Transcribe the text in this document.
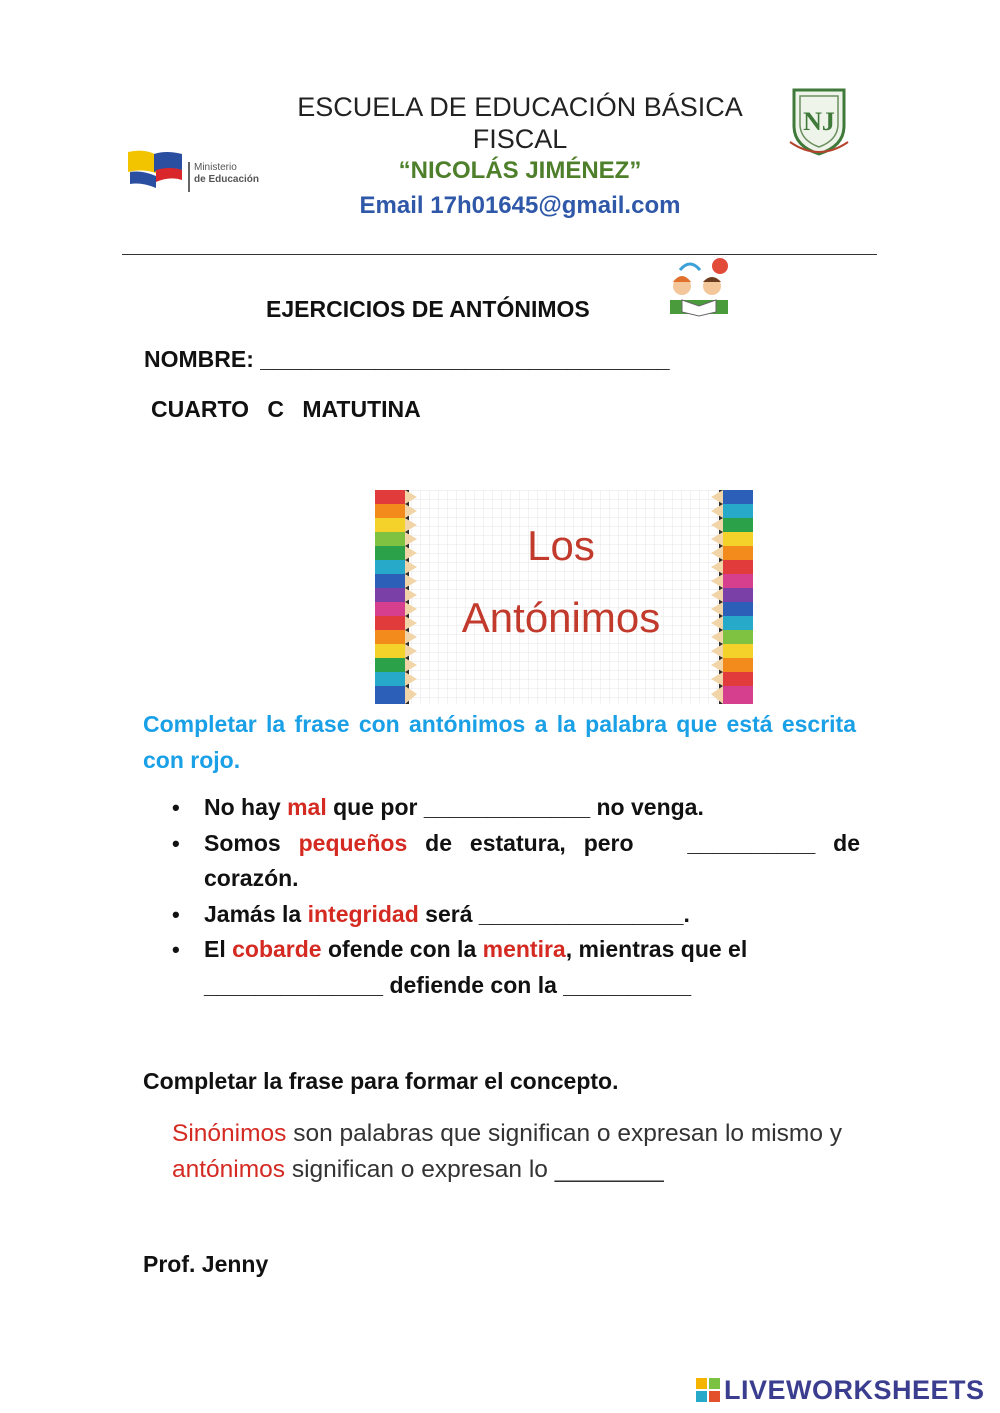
Ministerio
de Educación
ESCUELA DE EDUCACIÓN BÁSICA
FISCAL
“NICOLÁS JIMÉNEZ”
Email 17h01645@gmail.com
NJ
EJERCICIOS DE ANTÓNIMOS
NOMBRE: ________________________________
CUARTO C MATUTINA
Los
Antónimos
Completar la frase con antónimos a la palabra que está escrita con rojo.
• No hay mal que por _____________ no venga.
• Somos pequeños de estatura, pero   __________ de corazón.
• Jamás la integridad será ________________.
• El cobarde ofende con la mentira, mientras que el ______________ defiende con la __________
Completar la frase para formar el concepto.
Sinónimos son palabras que significan o expresan lo mismo y antónimos significan o expresan lo ________
Prof. Jenny
LIVEWORKSHEETS
